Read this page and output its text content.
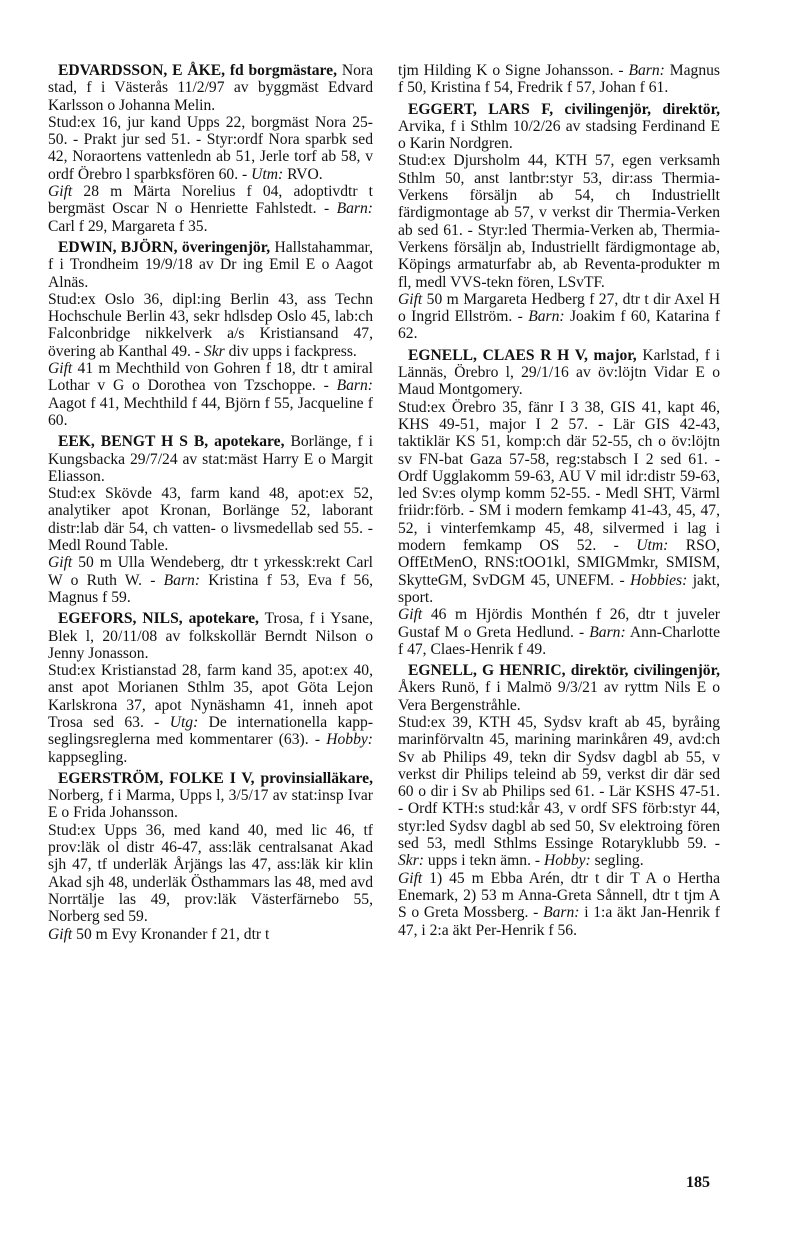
EDVARDSSON, E ÅKE, fd borgmästare, Nora stad, f i Västerås 11/2/97 av byggmäst Edvard Karlsson o Johanna Melin.

Stud:ex 16, jur kand Upps 22, borgmäst Nora 25-50. - Prakt jur sed 51. - Styr:ordf Nora sparbk sed 42, Noraortens vattenledn ab 51, Jerle torf ab 58, v ordf Örebro l sparbksfören 60. - Utm: RVO.

Gift 28 m Märta Norelius f 04, adoptivdtr t bergmäst Oscar N o Henriette Fahlstedt. - Barn: Carl f 29, Margareta f 35.

EDWIN, BJÖRN, överingenjör, Hallstahammar, f i Trondheim 19/9/18 av Dr ing Emil E o Aagot Alnäs.

Stud:ex Oslo 36, dipl:ing Berlin 43, ass Techn Hochschule Berlin 43, sekr hdlsdep Oslo 45, lab:ch Falconbridge nikkelverk a/s Kristiansand 47, övering ab Kanthal 49. - Skr div upps i fackpress.

Gift 41 m Mechthild von Gohren f 18, dtr t amiral Lothar v G o Dorothea von Tzschoppe. - Barn: Aagot f 41, Mechthild f 44, Björn f 55, Jacqueline f 60.

EEK, BENGT H S B, apotekare, Borlänge, f i Kungsbacka 29/7/24 av stat:mäst Harry E o Margit Eliasson.

Stud:ex Skövde 43, farm kand 48, apot:ex 52, analytiker apot Kronan, Borlänge 52, laborant distr:lab där 54, ch vatten- o livsmedellab sed 55. - Medl Round Table.

Gift 50 m Ulla Wendeberg, dtr t yrkessk:rekt Carl W o Ruth W. - Barn: Kristina f 53, Eva f 56, Magnus f 59.

EGEFORS, NILS, apotekare, Trosa, f i Ysane, Blek l, 20/11/08 av folkskollär Berndt Nilson o Jenny Jonasson.

Stud:ex Kristianstad 28, farm kand 35, apot:ex 40, anst apot Morianen Sthlm 35, apot Göta Lejon Karlskrona 37, apot Nynäshamn 41, inneh apot Trosa sed 63. - Utg: De internationella kappseglingsreglerna med kommentarer (63). - Hobby: kappsegling.

EGERSTRÖM, FOLKE I V, provinsialläkare, Norberg, f i Marma, Upps l, 3/5/17 av stat:insp Ivar E o Frida Johansson.

Stud:ex Upps 36, med kand 40, med lic 46, tf prov:läk ol distr 46-47, ass:läk centralsanat Akad sjh 47, tf underläk Årjängs las 47, ass:läk kir klin Akad sjh 48, underläk Östhammars las 48, med avd Norrtälje las 49, prov:läk Västerfärnebo 55, Norberg sed 59.

Gift 50 m Evy Kronander f 21, dtr t

tjm Hilding K o Signe Johansson. - Barn: Magnus f 50, Kristina f 54, Fredrik f 57, Johan f 61.

EGGERT, LARS F, civilingenjör, direktör, Arvika, f i Sthlm 10/2/26 av stadsing Ferdinand E o Karin Nordgren.

Stud:ex Djursholm 44, KTH 57, egen verksamh Sthlm 50, anst lantbr:styr 53, dir:ass Thermia-Verkens försäljn ab 54, ch Industriellt färdigmontage ab 57, v verkst dir Thermia-Verken ab sed 61. - Styr:led Thermia-Verken ab, Thermia-Verkens försäljn ab, Industriellt färdigmontage ab, Köpings armaturfabr ab, ab Reventa-produkter m fl, medl VVS-tekn fören, LSvTF.

Gift 50 m Margareta Hedberg f 27, dtr t dir Axel H o Ingrid Ellström. - Barn: Joakim f 60, Katarina f 62.

EGNELL, CLAES R H V, major, Karlstad, f i Lännäs, Örebro l, 29/1/16 av öv:löjtn Vidar E o Maud Montgomery.

Stud:ex Örebro 35, fänr I 3 38, GIS 41, kapt 46, KHS 49-51, major I 2 57. - Lär GIS 42-43, taktiklär KS 51, komp:ch där 52-55, ch o öv:löjtn sv FN-bat Gaza 57-58, reg:stabsch I 2 sed 61. - Ordf Ugglakomm 59-63, AU V mil idr:distr 59-63, led Sv:es olymp komm 52-55. - Medl SHT, Värml friidr:förb. - SM i modern femkamp 41-43, 45, 47, 52, i vinterfemkamp 45, 48, silvermed i lag i modern femkamp OS 52. - Utm: RSO, OffEtMenO, RNS:tOO1kl, SMIGMmkr, SMISM, SkytteGM, SvDGM 45, UNEFM. - Hobbies: jakt, sport.

Gift 46 m Hjördis Monthén f 26, dtr t juveler Gustaf M o Greta Hedlund. - Barn: Ann-Charlotte f 47, Claes-Henrik f 49.

EGNELL, G HENRIC, direktör, civilingenjör, Åkers Runö, f i Malmö 9/3/21 av ryttm Nils E o Vera Bergenstråhle.

Stud:ex 39, KTH 45, Sydsv kraft ab 45, byråing marinförvaltn 45, marining marinkåren 49, avd:ch Sv ab Philips 49, tekn dir Sydsv dagbl ab 55, v verkst dir Philips teleind ab 59, verkst dir där sed 60 o dir i Sv ab Philips sed 61. - Lär KSHS 47-51. - Ordf KTH:s stud:kår 43, v ordf SFS förb:styr 44, styr:led Sydsv dagbl ab sed 50, Sv elektroing fören sed 53, medl Sthlms Essinge Rotaryklubb 59. - Skr: upps i tekn ämn. - Hobby: segling.

Gift 1) 45 m Ebba Arén, dtr t dir T A o Hertha Enemark, 2) 53 m Anna-Greta Sånnell, dtr t tjm A S o Greta Mossberg. - Barn: i 1:a äkt Jan-Henrik f 47, i 2:a äkt Per-Henrik f 56.

185
